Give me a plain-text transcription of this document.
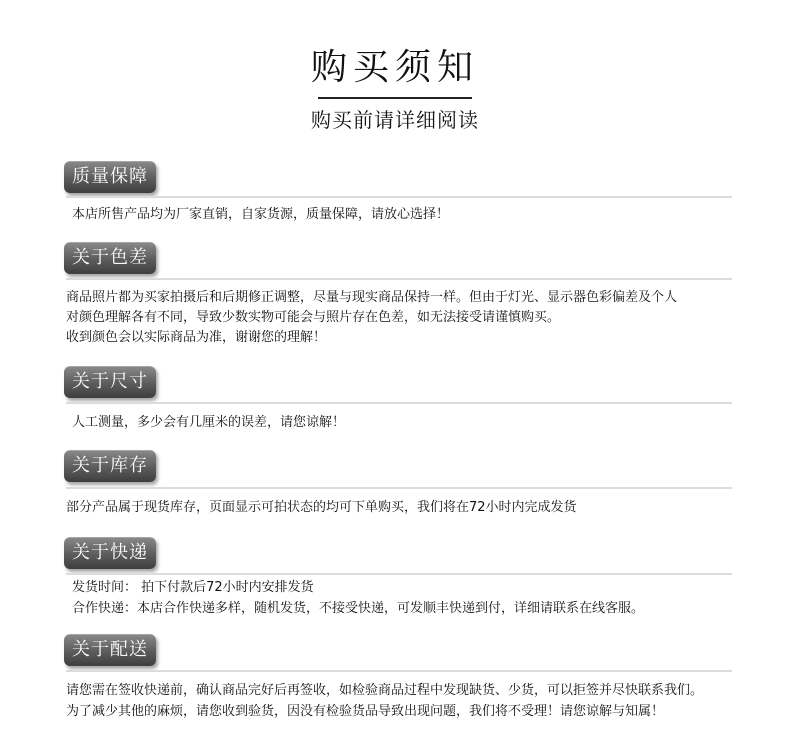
购买须知
购买前请详细阅读
质量保障
本店所售产品均为厂家直销，自家货源，质量保障，请放心选择！
关于色差
商品照片都为买家拍摄后和后期修正调整，尽量与现实商品保持一样。但由于灯光、显示器色彩偏差及个人
对颜色理解各有不同，导致少数实物可能会与照片存在色差，如无法接受请谨慎购买。
收到颜色会以实际商品为准，谢谢您的理解！
关于尺寸
人工测量，多少会有几厘米的误差，请您谅解！
关于库存
部分产品属于现货库存，页面显示可拍状态的均可下单购买，我们将在72小时内完成发货
关于快递
发货时间： 拍下付款后72小时内安排发货
合作快递：本店合作快递多样，随机发货，不接受快递，可发顺丰快递到付，详细请联系在线客服。
关于配送
请您需在签收快递前，确认商品完好后再签收，如检验商品过程中发现缺货、少货，可以拒签并尽快联系我们。
为了减少其他的麻烦，请您收到验货，因没有检验货品导致出现问题，我们将不受理！请您谅解与知属！
